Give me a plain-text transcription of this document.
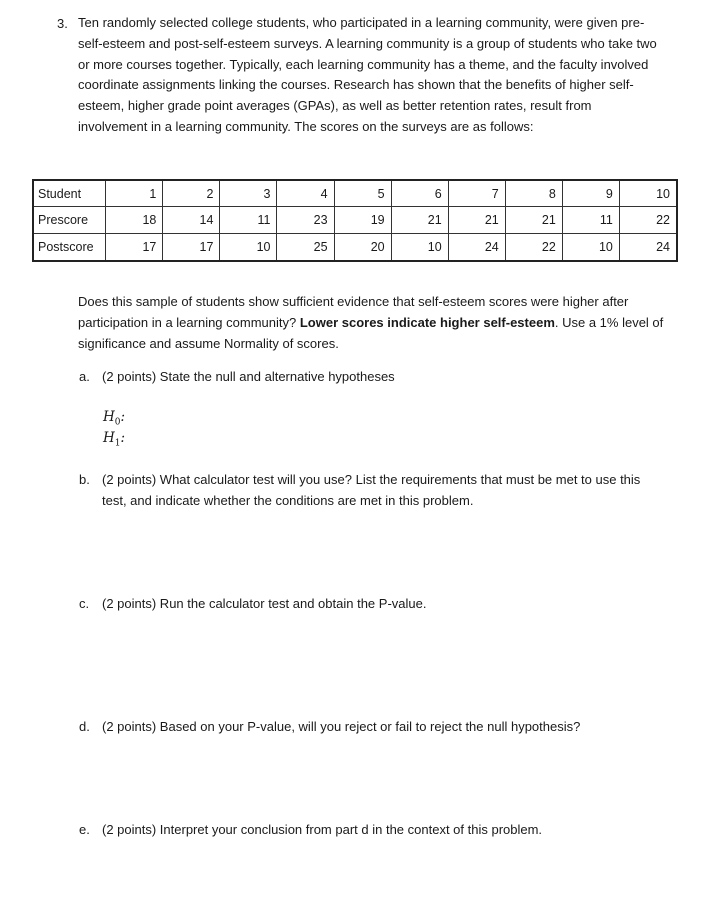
3. Ten randomly selected college students, who participated in a learning community, were given pre-self-esteem and post-self-esteem surveys. A learning community is a group of students who take two or more courses together. Typically, each learning community has a theme, and the faculty involved coordinate assignments linking the courses. Research has shown that the benefits of higher self-esteem, higher grade point averages (GPAs), as well as better retention rates, result from involvement in a learning community. The scores on the surveys are as follows:
Student	1	2	3	4	5	6	7	8	9	10
Prescore	18	14	11	23	19	21	21	21	11	22
Postscore	17	17	10	25	20	10	24	22	10	24
Does this sample of students show sufficient evidence that self-esteem scores were higher after participation in a learning community? Lower scores indicate higher self-esteem. Use a 1% level of significance and assume Normality of scores.
a. (2 points) State the null and alternative hypotheses
$H_0$:
$H_1$:
b. (2 points) What calculator test will you use? List the requirements that must be met to use this test, and indicate whether the conditions are met in this problem.
c. (2 points) Run the calculator test and obtain the P-value.
d. (2 points) Based on your P-value, will you reject or fail to reject the null hypothesis?
e. (2 points) Interpret your conclusion from part d in the context of this problem.
